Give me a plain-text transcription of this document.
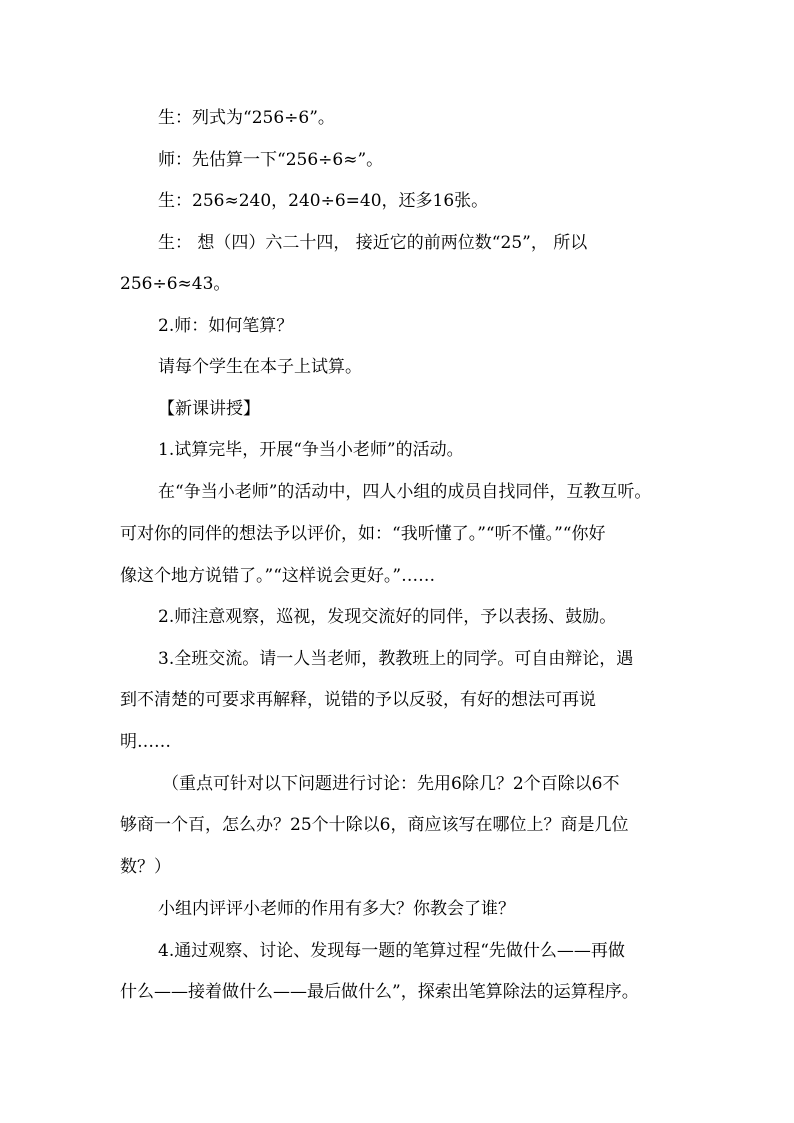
生：列式为“256÷6”。
师：先估算一下“256÷6≈”。
生：256≈240，240÷6=40，还多16张。
生： 想（四）六二十四， 接近它的前两位数“25”， 所以
256÷6≈43。
2.师：如何笔算？
请每个学生在本子上试算。
【新课讲授】
1.试算完毕，开展“争当小老师”的活动。
在“争当小老师”的活动中，四人小组的成员自找同伴，互教互听。
可对你的同伴的想法予以评价，如：“我听懂了。”“听不懂。”“你好
像这个地方说错了。”“这样说会更好。”……
2.师注意观察，巡视，发现交流好的同伴，予以表扬、鼓励。
3.全班交流。请一人当老师，教教班上的同学。可自由辩论，遇
到不清楚的可要求再解释，说错的予以反驳，有好的想法可再说
明……
（重点可针对以下问题进行讨论：先用6除几？2个百除以6不
够商一个百，怎么办？25个十除以6，商应该写在哪位上？商是几位
数？）
小组内评评小老师的作用有多大？你教会了谁？
4.通过观察、讨论、发现每一题的笔算过程“先做什么——再做
什么——接着做什么——最后做什么”，探索出笔算除法的运算程序。
